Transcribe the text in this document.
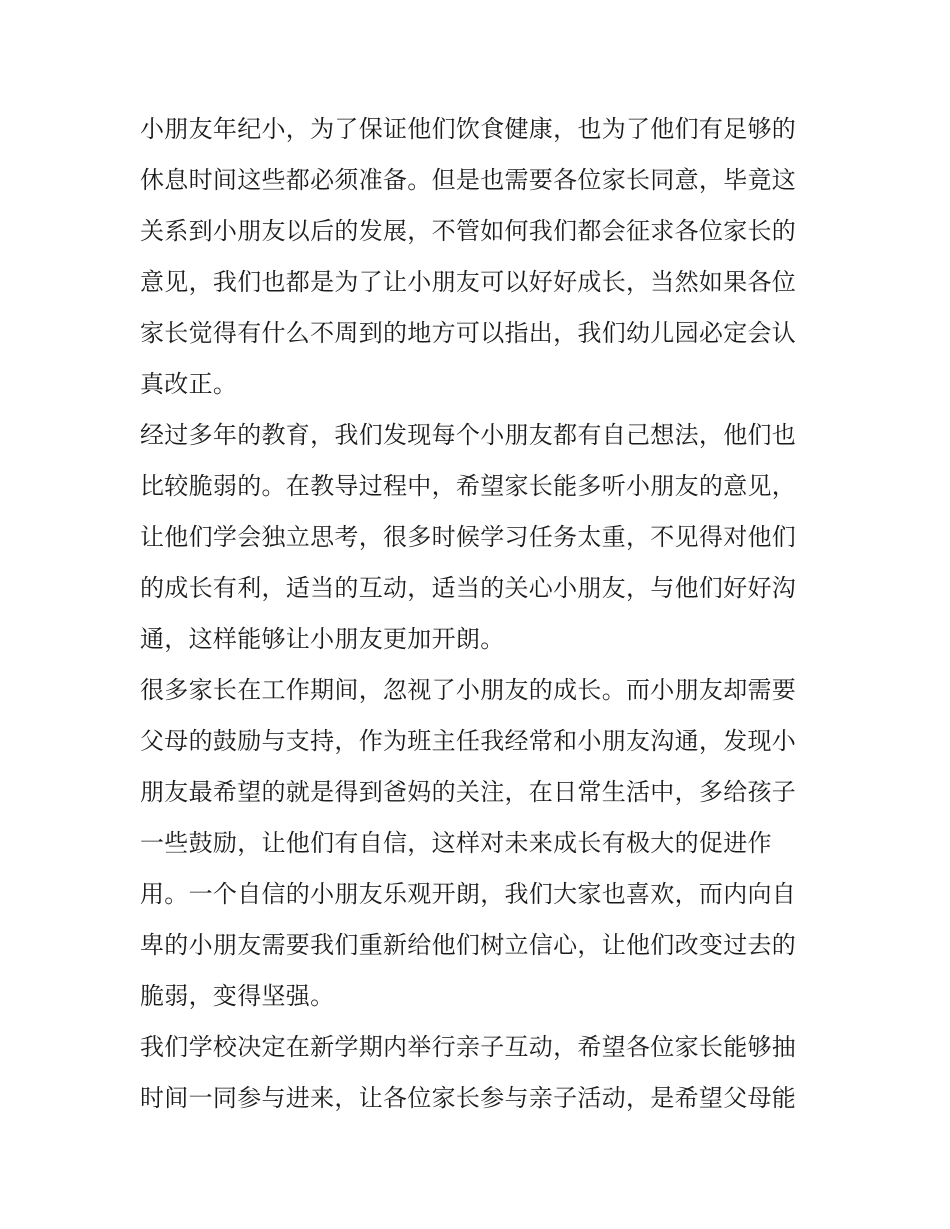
小朋友年纪小，为了保证他们饮食健康，也为了他们有足够的
休息时间这些都必须准备。但是也需要各位家长同意，毕竟这
关系到小朋友以后的发展，不管如何我们都会征求各位家长的
意见，我们也都是为了让小朋友可以好好成长，当然如果各位
家长觉得有什么不周到的地方可以指出，我们幼儿园必定会认
真改正。
经过多年的教育，我们发现每个小朋友都有自己想法，他们也
比较脆弱的。在教导过程中，希望家长能多听小朋友的意见，
让他们学会独立思考，很多时候学习任务太重，不见得对他们
的成长有利，适当的互动，适当的关心小朋友，与他们好好沟
通，这样能够让小朋友更加开朗。
很多家长在工作期间，忽视了小朋友的成长。而小朋友却需要
父母的鼓励与支持，作为班主任我经常和小朋友沟通，发现小
朋友最希望的就是得到爸妈的关注，在日常生活中，多给孩子
一些鼓励，让他们有自信，这样对未来成长有极大的促进作
用。一个自信的小朋友乐观开朗，我们大家也喜欢，而内向自
卑的小朋友需要我们重新给他们树立信心，让他们改变过去的
脆弱，变得坚强。
我们学校决定在新学期内举行亲子互动，希望各位家长能够抽
时间一同参与进来，让各位家长参与亲子活动，是希望父母能
